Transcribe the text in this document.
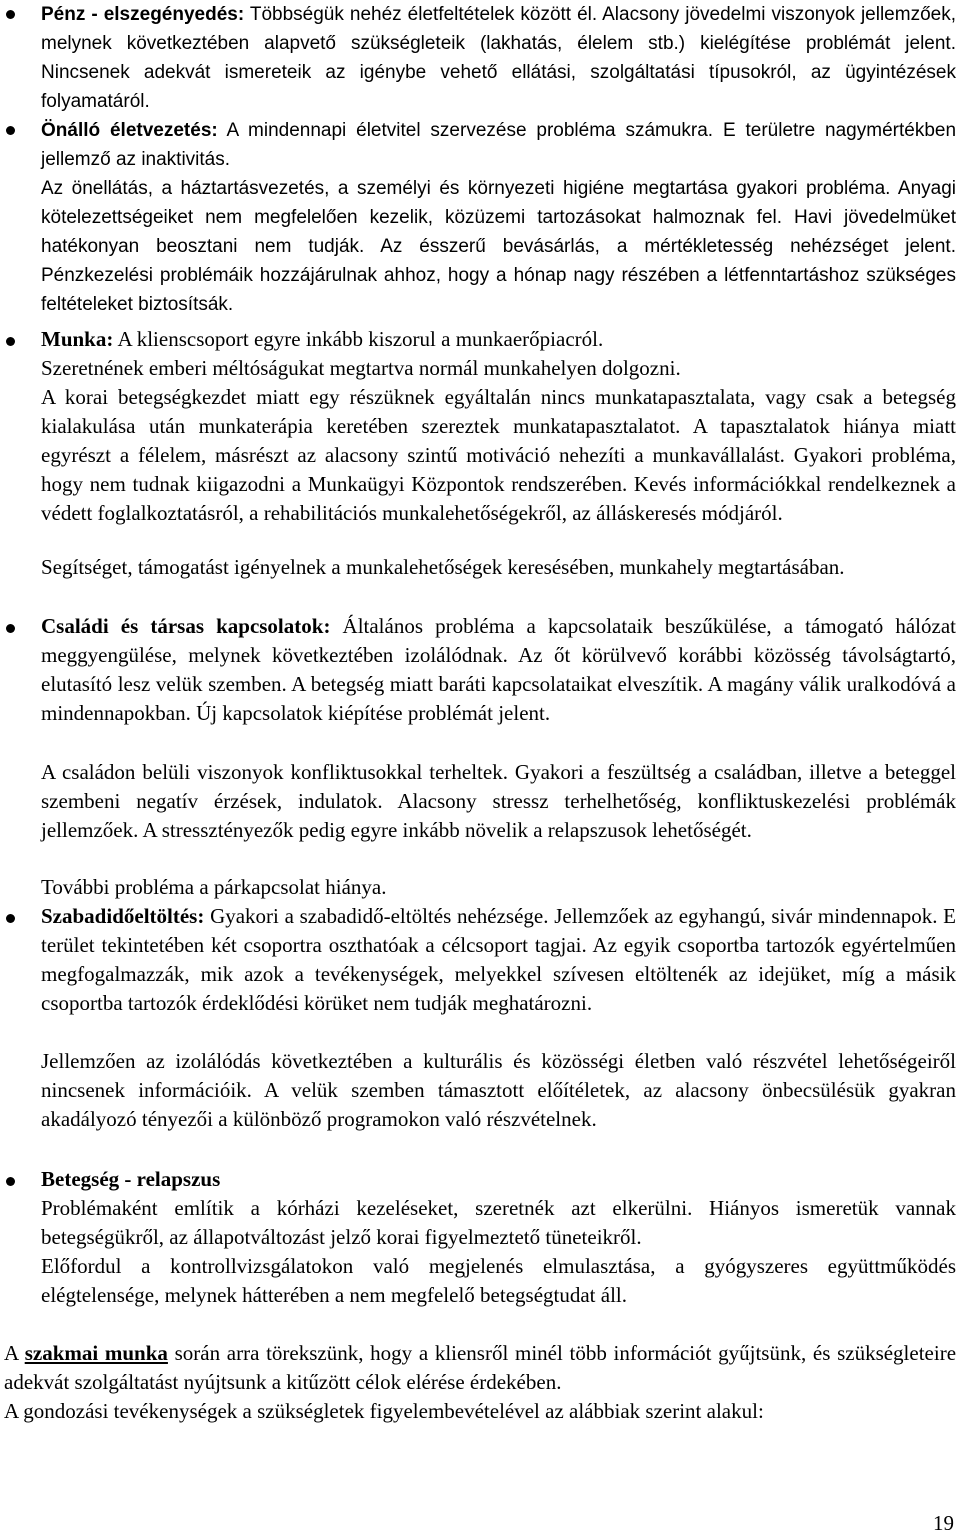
Pénz - elszegényedés: Többségük nehéz életfeltételek között él. Alacsony jövedelmi viszonyok jellemzőek, melynek következtében alapvető szükségleteik (lakhatás, élelem stb.) kielégítése problémát jelent. Nincsenek adekvát ismereteik az igénybe vehető ellátási, szolgáltatási típusokról, az ügyintézések folyamatáról.

Önálló életvezetés: A mindennapi életvitel szervezése probléma számukra. E területre nagymértékben jellemző az inaktivitás.

Az önellátás, a háztartásvezetés, a személyi és környezeti higiéne megtartása gyakori probléma. Anyagi kötelezettségeiket nem megfelelően kezelik, közüzemi tartozásokat halmoznak fel. Havi jövedelmüket hatékonyan beosztani nem tudják. Az ésszerű bevásárlás, a mértékletesség nehézséget jelent. Pénzkezelési problémáik hozzájárulnak ahhoz, hogy a hónap nagy részében a létfenntartáshoz szükséges feltételeket biztosítsák.

Munka: A klienscsoport egyre inkább kiszorul a munkaerőpiacról.

Szeretnének emberi méltóságukat megtartva normál munkahelyen dolgozni.

A korai betegségkezdet miatt egy részüknek egyáltalán nincs munkatapasztalata, vagy csak a betegség kialakulása után munkaterápia keretében szereztek munkatapasztalatot. A tapasztalatok hiánya miatt egyrészt a félelem, másrészt az alacsony szintű motiváció nehezíti a munkavállalást. Gyakori probléma, hogy nem tudnak kiigazodni a Munkaügyi Központok rendszerében. Kevés információkkal rendelkeznek a védett foglalkoztatásról, a rehabilitációs munkalehetőségekről, az álláskeresés módjáról.

Segítséget, támogatást igényelnek a munkalehetőségek keresésében, munkahely megtartásában.

Családi és társas kapcsolatok: Általános probléma a kapcsolataik beszűkülése, a támogató hálózat meggyengülése, melynek következtében izolálódnak. Az őt körülvevő korábbi közösség távolságtartó, elutasító lesz velük szemben. A betegség miatt baráti kapcsolataikat elveszítik. A magány válik uralkodóvá a mindennapokban. Új kapcsolatok kiépítése problémát jelent.

A családon belüli viszonyok konfliktusokkal terheltek. Gyakori a feszültség a családban, illetve a beteggel szembeni negatív érzések, indulatok. Alacsony stressz terhelhetőség, konfliktuskezelési problémák jellemzőek. A stressztényezők pedig egyre inkább növelik a relapszusok lehetőségét.

További probléma a párkapcsolat hiánya.

Szabadidőeltöltés: Gyakori a szabadidő-eltöltés nehézsége. Jellemzőek az egyhangú, sivár mindennapok. E terület tekintetében két csoportra oszthatóak a célcsoport tagjai. Az egyik csoportba tartozók egyértelműen megfogalmazzák, mik azok a tevékenységek, melyekkel szívesen eltöltenék az idejüket, míg a másik csoportba tartozók érdeklődési körüket nem tudják meghatározni.

Jellemzően az izolálódás következtében a kulturális és közösségi életben való részvétel lehetőségeiről nincsenek információik. A velük szemben támasztott előítéletek, az alacsony önbecsülésük gyakran akadályozó tényezői a különböző programokon való részvételnek.

Betegség - relapszus

Problémaként említik a kórházi kezeléseket, szeretnék azt elkerülni. Hiányos ismeretük vannak betegségükről, az állapotváltozást jelző korai figyelmeztető tüneteikről.

Előfordul a kontrollvizsgálatokon való megjelenés elmulasztása, a gyógyszeres együttműködés elégtelensége, melynek hátterében a nem megfelelő betegségtudat áll.

A szakmai munka során arra törekszünk, hogy a kliensről minél több információt gyűjtsünk, és szükségleteire adekvát szolgáltatást nyújtsunk a kitűzött célok elérése érdekében.

A gondozási tevékenységek a szükségletek figyelembevételével az alábbiak szerint alakul:

19
